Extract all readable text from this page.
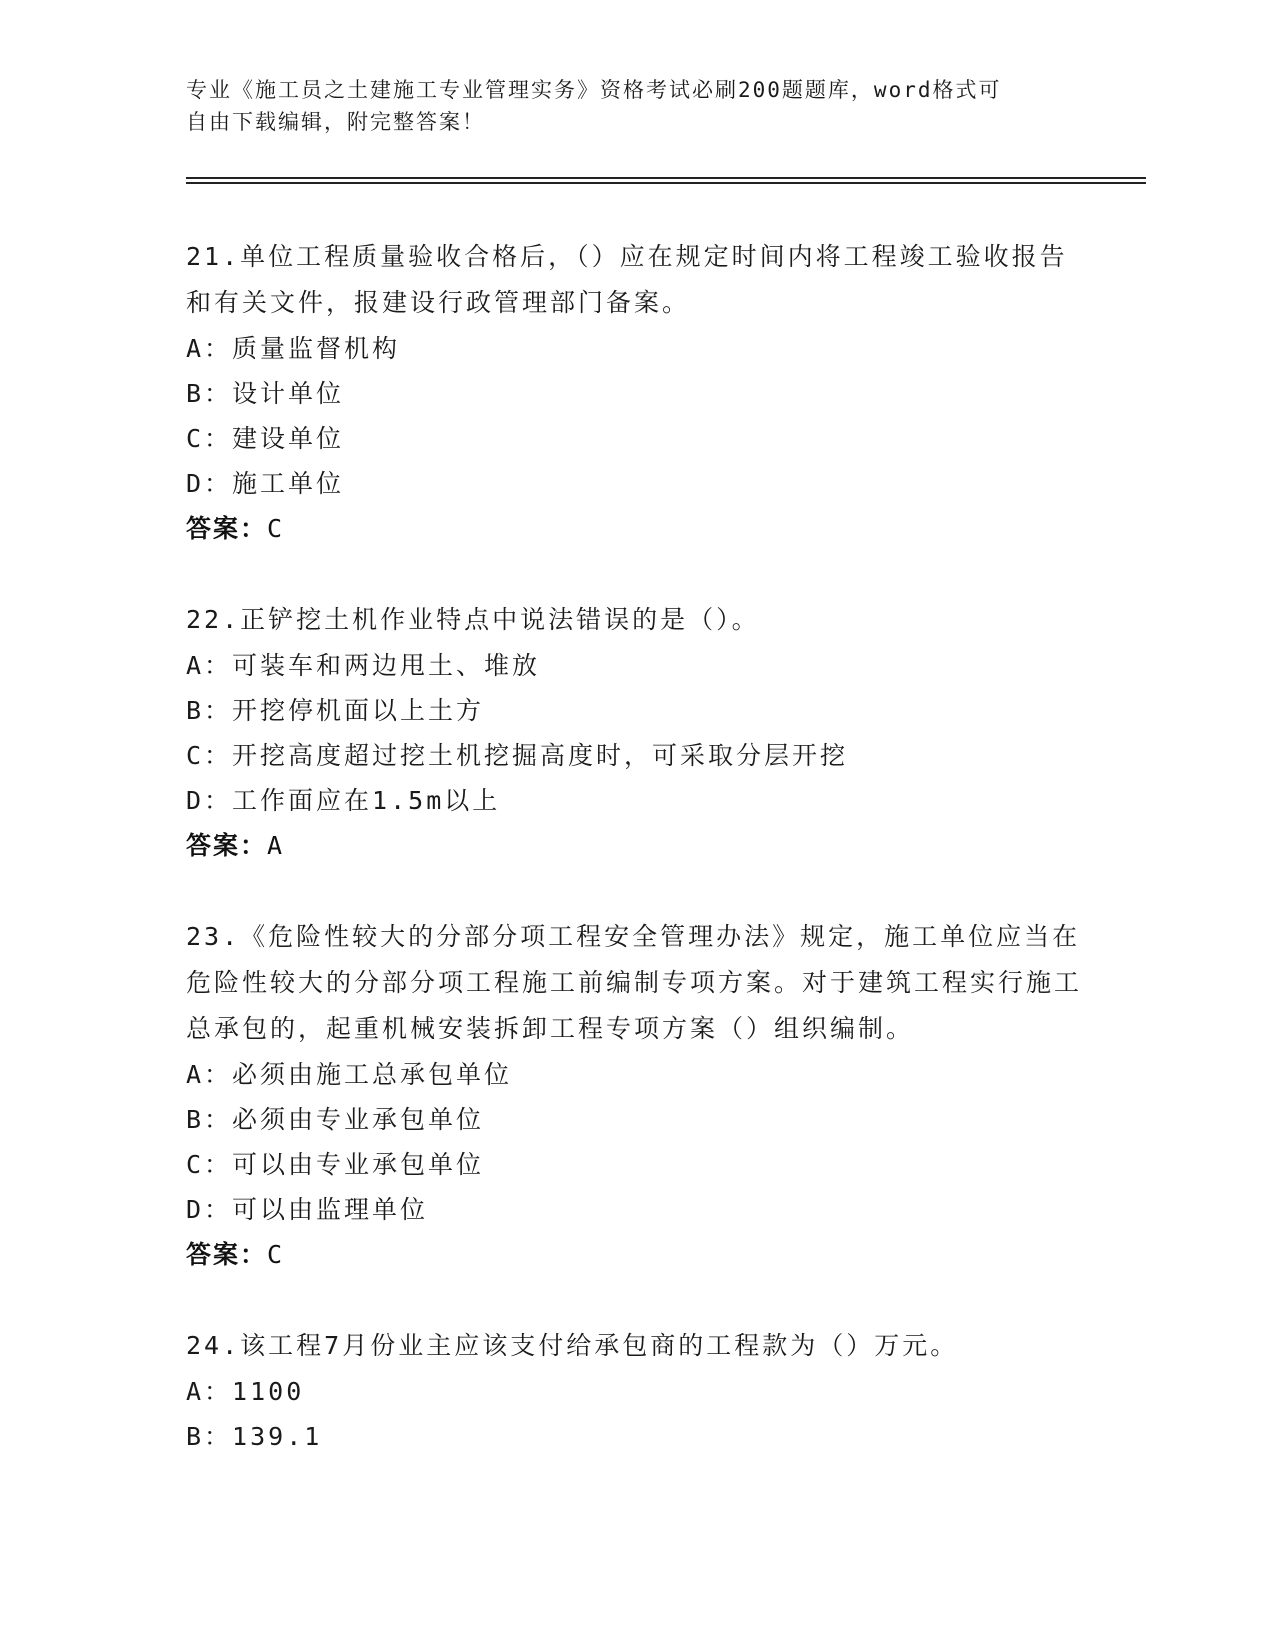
专业《施工员之土建施工专业管理实务》资格考试必刷200题题库，word格式可
自由下载编辑，附完整答案！
21.单位工程质量验收合格后，（）应在规定时间内将工程竣工验收报告和有关文件，报建设行政管理部门备案。
A：质量监督机构
B：设计单位
C：建设单位
D：施工单位
答案：C
22.正铲挖土机作业特点中说法错误的是（）。
A：可装车和两边甩土、堆放
B：开挖停机面以上土方
C：开挖高度超过挖土机挖掘高度时，可采取分层开挖
D：工作面应在1.5m以上
答案：A
23.《危险性较大的分部分项工程安全管理办法》规定，施工单位应当在危险性较大的分部分项工程施工前编制专项方案。对于建筑工程实行施工总承包的，起重机械安装拆卸工程专项方案（）组织编制。
A：必须由施工总承包单位
B：必须由专业承包单位
C：可以由专业承包单位
D：可以由监理单位
答案：C
24.该工程7月份业主应该支付给承包商的工程款为（）万元。
A：1100
B：139.1
